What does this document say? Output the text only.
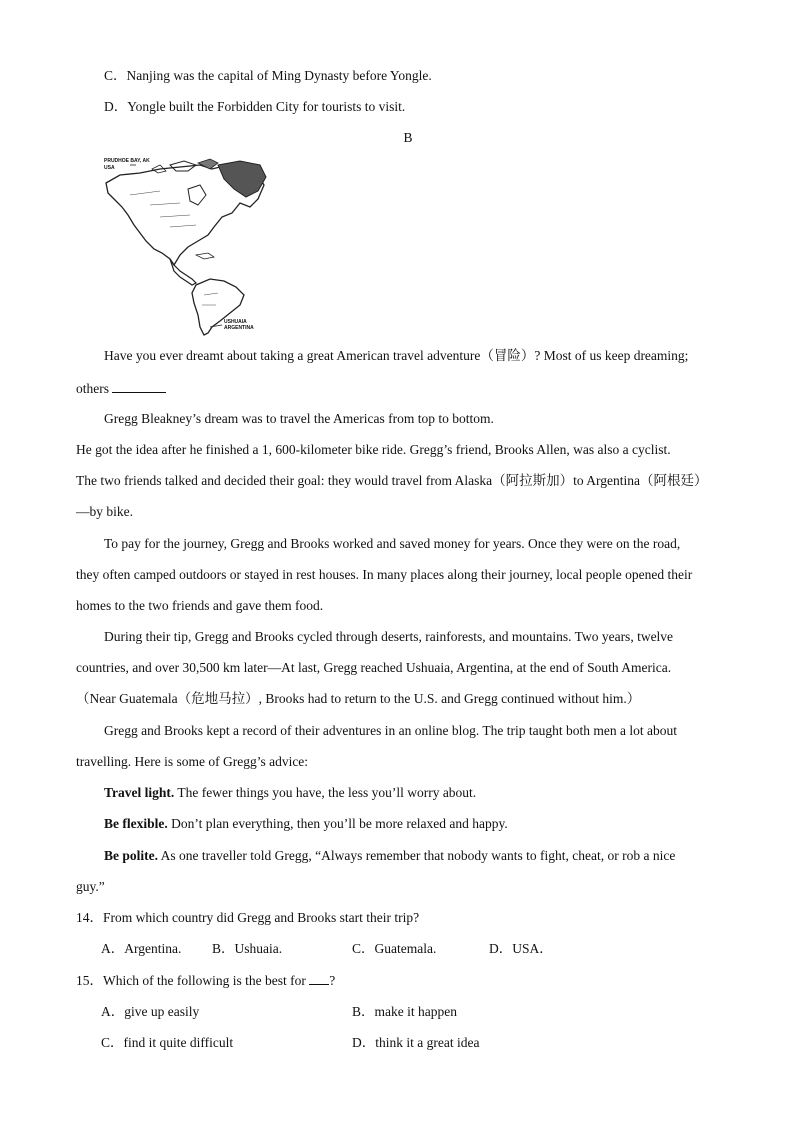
C．Nanjing was the capital of Ming Dynasty before Yongle.
D．Yongle built the Forbidden City for tourists to visit.
B
PRUDHOE BAY, AK
USA
USHUAIA
ARGENTINA
Have you ever dreamt about taking a great American travel adventure（冒险）? Most of us keep dreaming;
others
Gregg Bleakney’s dream was to travel the Americas from top to bottom.
He got the idea after he finished a 1, 600-kilometer bike ride. Gregg’s friend, Brooks Allen, was also a cyclist.
The two friends talked and decided their goal: they would travel from Alaska（阿拉斯加）to Argentina（阿根廷）
—by bike.
To pay for the journey, Gregg and Brooks worked and saved money for years. Once they were on the road,
they often camped outdoors or stayed in rest houses. In many places along their journey, local people opened their
homes to the two friends and gave them food.
During their tip, Gregg and Brooks cycled through deserts, rainforests, and mountains. Two years, twelve
countries, and over 30,500 km later—At last, Gregg reached Ushuaia, Argentina, at the end of South America.
（Near Guatemala（危地马拉）, Brooks had to return to the U.S. and Gregg continued without him.）
Gregg and Brooks kept a record of their adventures in an online blog. The trip taught both men a lot about
travelling. Here is some of Gregg’s advice:
Travel light. The fewer things you have, the less you’ll worry about.
Be flexible. Don’t plan everything, then you’ll be more relaxed and happy.
Be polite. As one traveller told Gregg, “Always remember that nobody wants to fight, cheat, or rob a nice
guy.”
14．From which country did Gregg and Brooks start their trip?
A．Argentina. B．Ushuaia.	C．Guatemala.	D．USA．
15．Which of the following is the best for ?
A．give up easily	B．make it happen
C．find it quite difficult	D．think it a great idea
